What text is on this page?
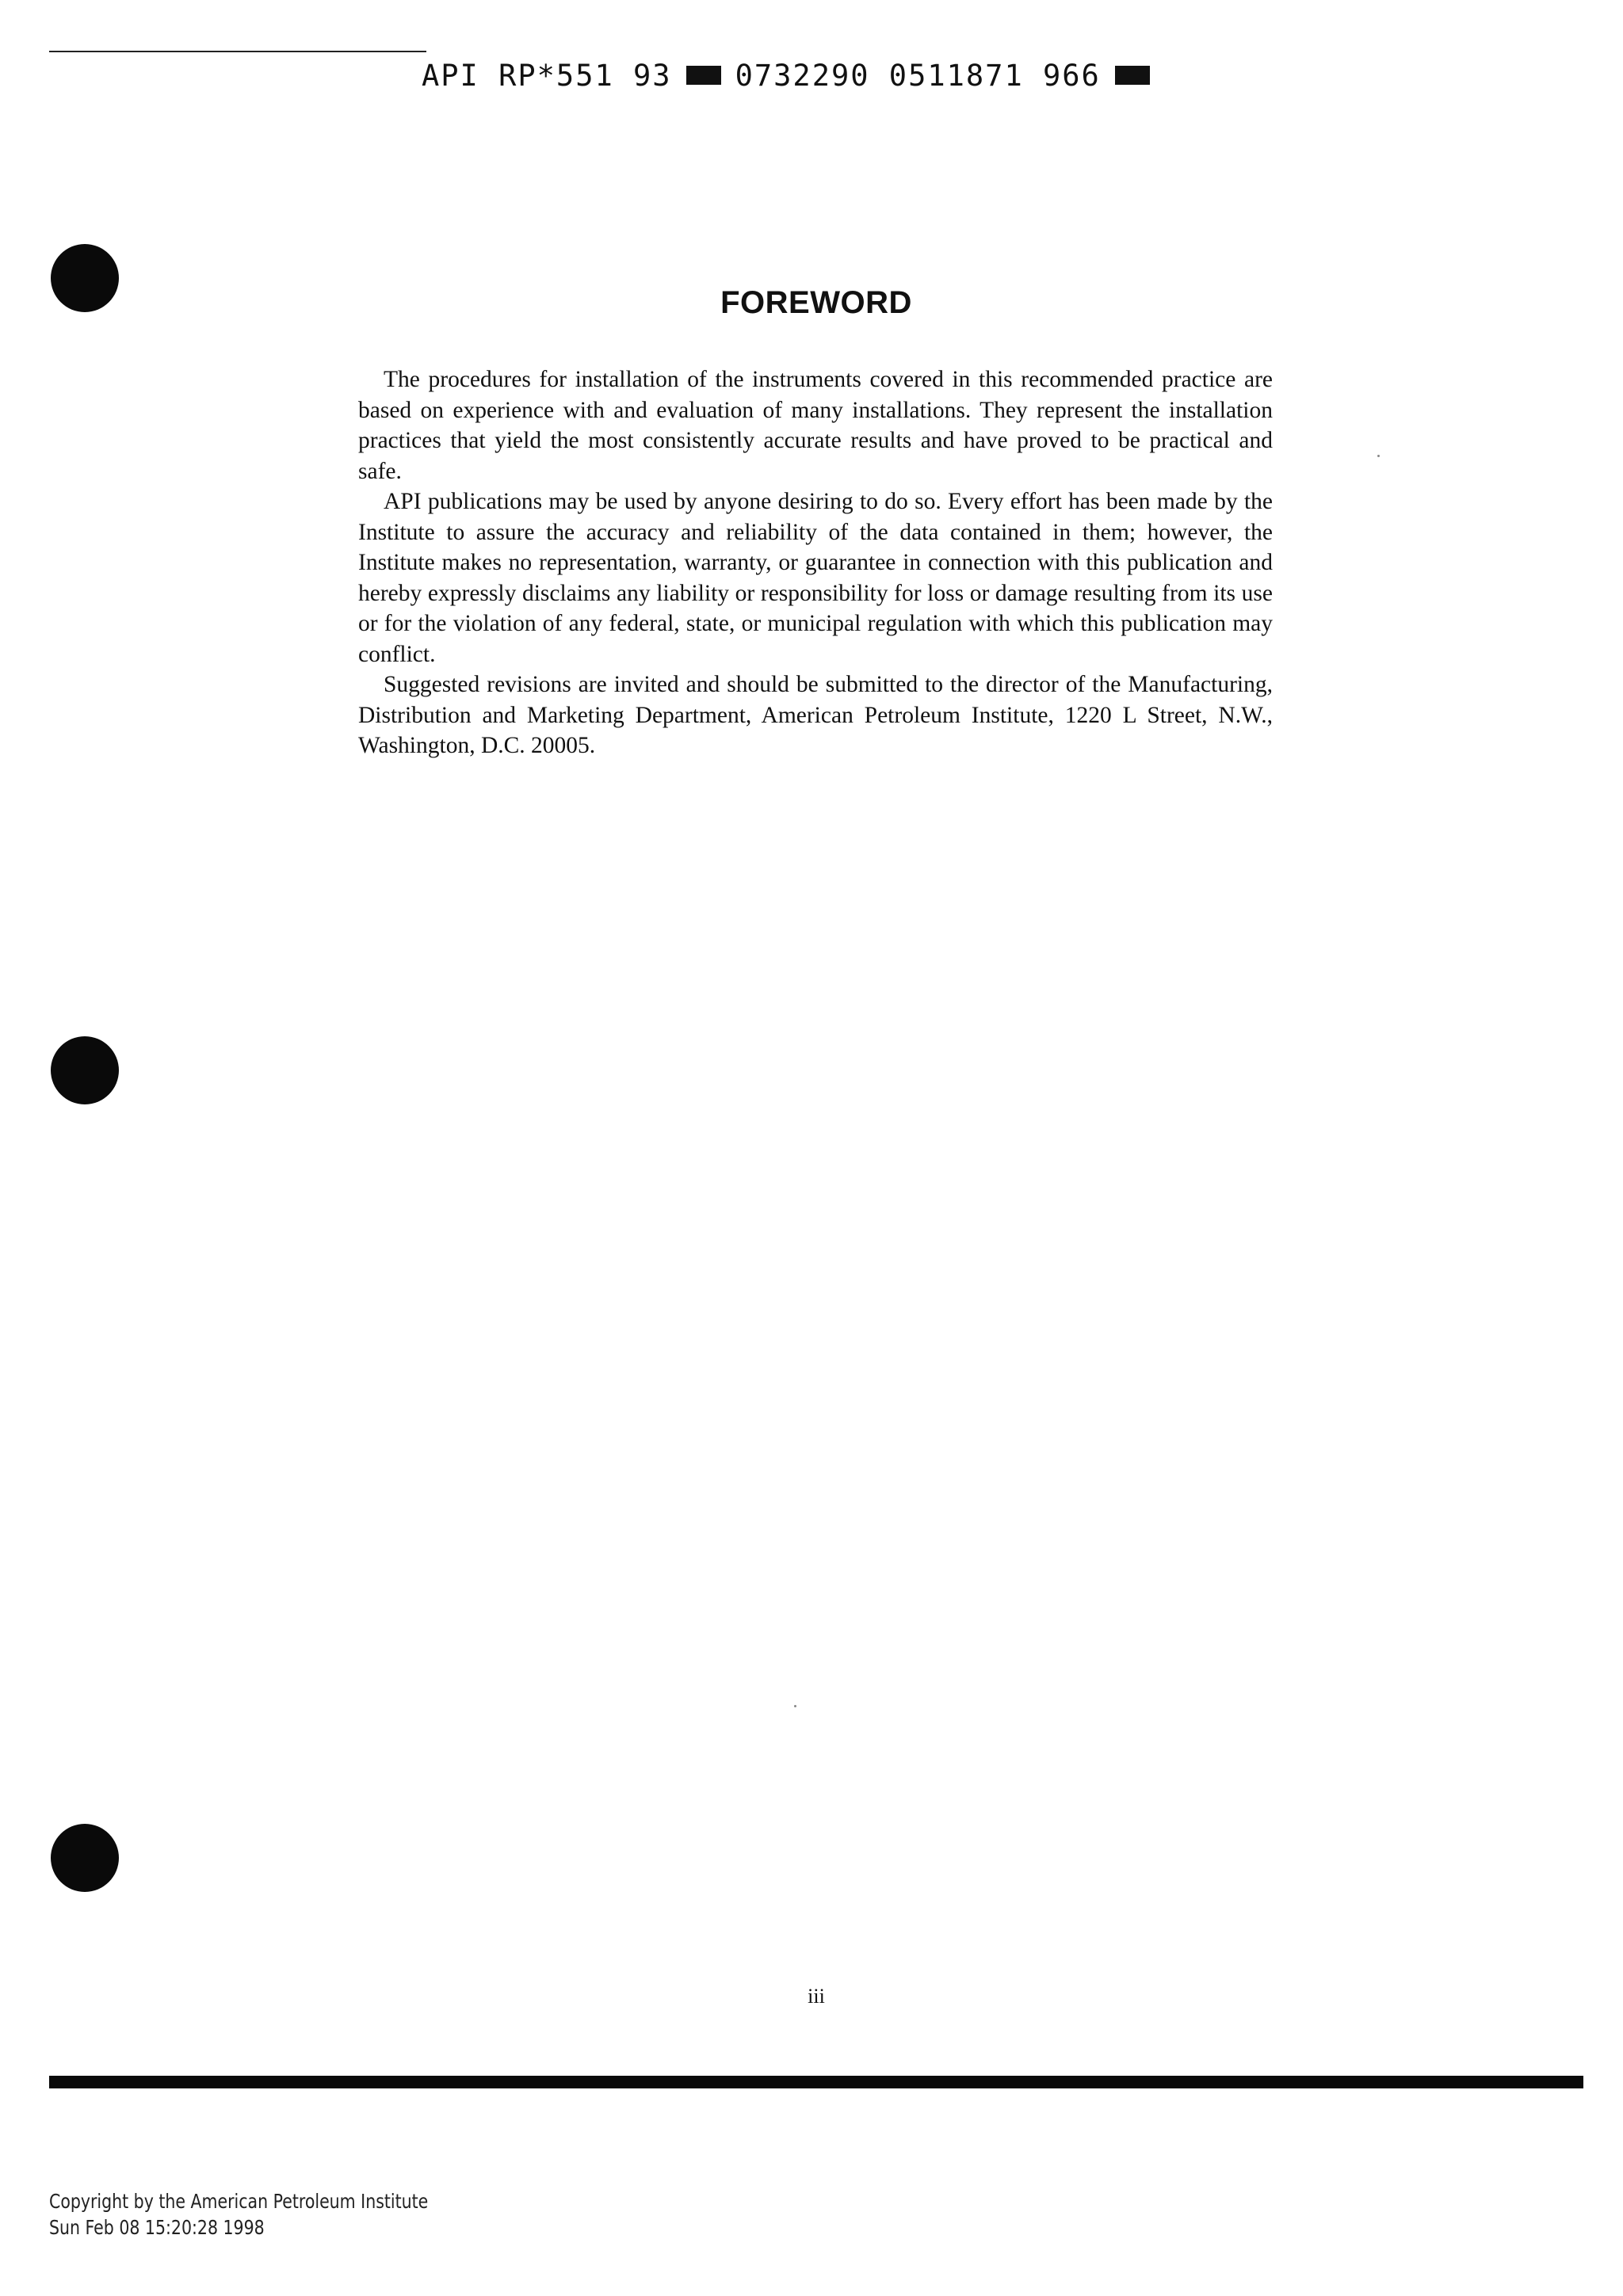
API RP*551 93 0732290 0511871 966
FOREWORD

The procedures for installation of the instruments covered in this recommended practice are based on experience with and evaluation of many installations. They represent the installation practices that yield the most consistently accurate results and have proved to be practical and safe.

API publications may be used by anyone desiring to do so. Every effort has been made by the Institute to assure the accuracy and reliability of the data contained in them; however, the Institute makes no representation, warranty, or guarantee in connection with this publication and hereby expressly disclaims any liability or responsibility for loss or damage resulting from its use or for the violation of any federal, state, or municipal regulation with which this publication may conflict.

Suggested revisions are invited and should be submitted to the director of the Manufacturing, Distribution and Marketing Department, American Petroleum Institute, 1220 L Street, N.W., Washington, D.C. 20005.

iii
Copyright by the American Petroleum Institute
Sun Feb 08 15:20:28 1998
